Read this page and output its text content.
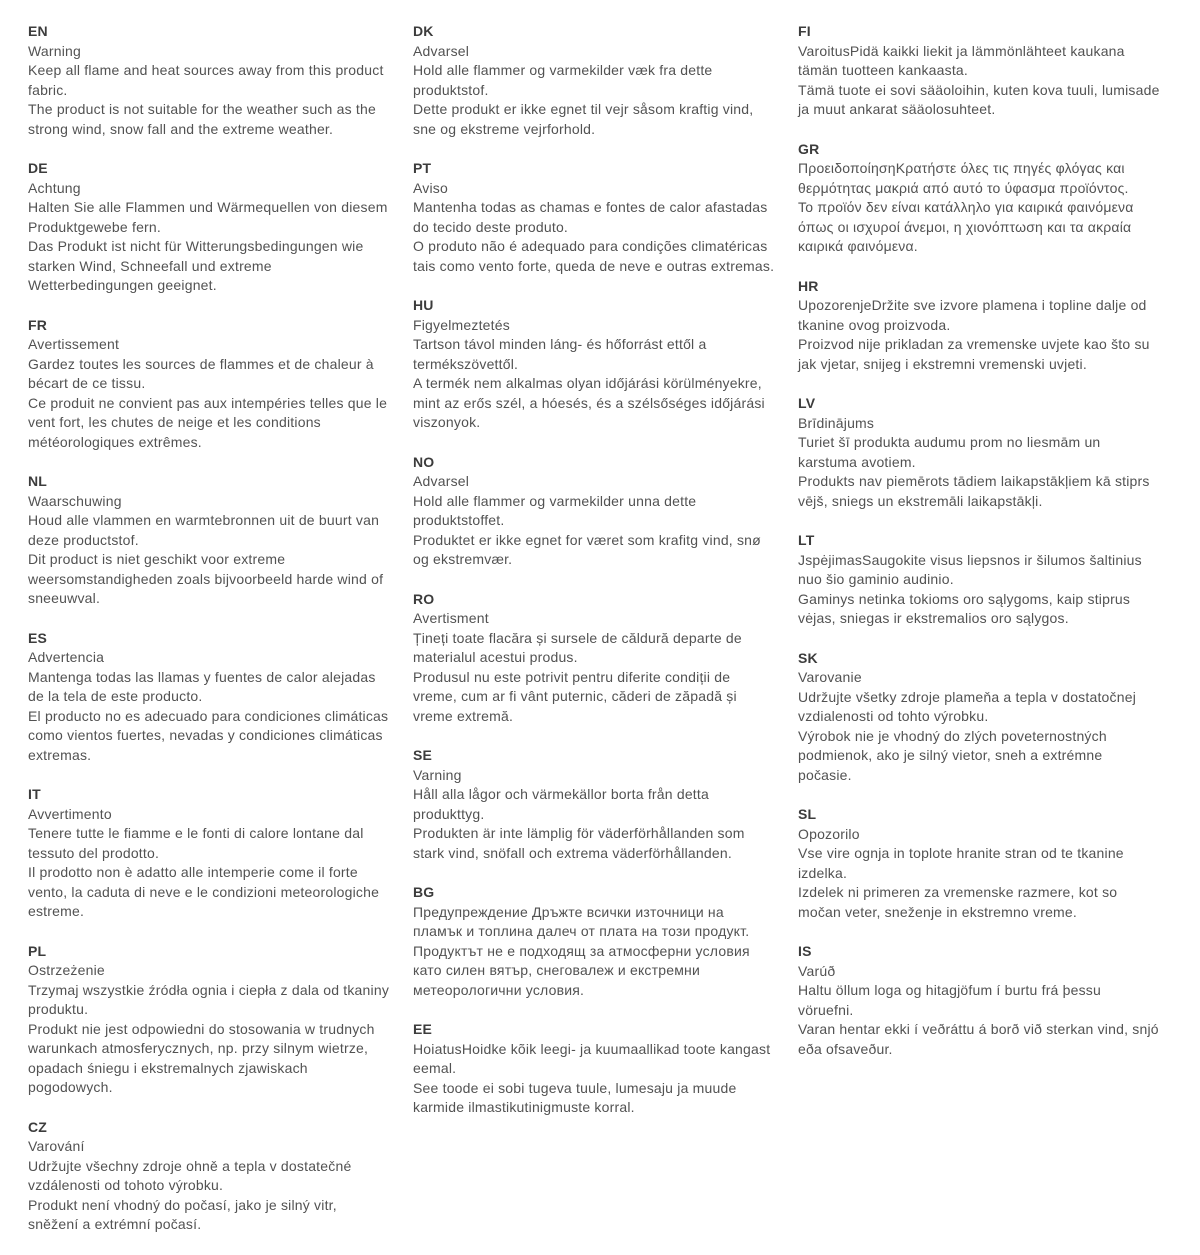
EN
Warning

Keep all flame and heat sources away from this product fabric.

The product is not suitable for the weather such as the strong wind, snow fall and the extreme weather.

DE
Achtung

Halten Sie alle Flammen und Wärmequellen von diesem Produktgewebe fern.

Das Produkt ist nicht für Witterungsbedingungen wie starken Wind, Schneefall und extreme Wetterbedingungen geeignet.

FR
Avertissement

Gardez toutes les sources de flammes et de chaleur à bécart de ce tissu.

Ce produit ne convient pas aux intempéries telles que le vent fort, les chutes de neige et les conditions météorologiques extrêmes.

NL
Waarschuwing

Houd alle vlammen en warmtebronnen uit de buurt van deze productstof.

Dit product is niet geschikt voor extreme weersomstandigheden zoals bijvoorbeeld harde wind of sneeuwval.

ES
Advertencia

Mantenga todas las llamas y fuentes de calor alejadas de la tela de este producto.

El producto no es adecuado para condiciones climáticas como vientos fuertes, nevadas y condiciones climáticas extremas.

IT
Avvertimento

Tenere tutte le fiamme e le fonti di calore lontane dal tessuto del prodotto.

Il prodotto non è adatto alle intemperie come il forte vento, la caduta di neve e le condizioni meteorologiche estreme.

PL
Ostrzeżenie

Trzymaj wszystkie źródła ognia i ciepła z dala od tkaniny produktu.

Produkt nie jest odpowiedni do stosowania w trudnych warunkach atmosferycznych, np. przy silnym wietrze, opadach śniegu i ekstremalnych zjawiskach pogodowych.

CZ
Varování

Udržujte všechny zdroje ohně a tepla v dostatečné vzdálenosti od tohoto výrobku.

Produkt není vhodný do počasí, jako je silný vitr, sněžení a extrémní počasí.

DK
Advarsel

Hold alle flammer og varmekilder væk fra dette produktstof.

Dette produkt er ikke egnet til vejr såsom kraftig vind, sne og ekstreme vejrforhold.

PT
Aviso

Mantenha todas as chamas e fontes de calor afastadas do tecido deste produto.

O produto não é adequado para condições climatéricas tais como vento forte, queda de neve e outras extremas.

HU
Figyelmeztetés

Tartson távol minden láng- és hőforrást ettől a termékszövettől.

A termék nem alkalmas olyan időjárási körülményekre, mint az erős szél, a hóesés, és a szélsőséges időjárási viszonyok.

NO
Advarsel

Hold alle flammer og varmekilder unna dette produktstoffet.

Produktet er ikke egnet for været som krafitg vind, snø og ekstremvær.

RO
Avertisment

Țineți toate flacăra și sursele de căldură departe de materialul acestui produs.

Produsul nu este potrivit pentru diferite condiții de vreme, cum ar fi vânt puternic, căderi de zăpadă și vreme extremă.

SE
Varning

Håll alla lågor och värmekällor borta från detta produkttyg.

Produkten är inte lämplig för väderförhållanden som stark vind, snöfall och extrema väderförhållanden.

BG

Предупреждение Дръжте всички източници на пламък и топлина далеч от плата на този продукт.

Продуктът не е подходящ за атмосферни условия като силен вятър, снеговалеж и екстремни метеорологични условия.

EE

HoiatusHoidke kõik leegi- ja kuumaallikad toote kangast eemal.

See toode ei sobi tugeva tuule, lumesaju ja muude karmide ilmastikutinigmuste korral.

FI

VaroitusPidä kaikki liekit ja lämmönlähteet kaukana tämän tuotteen kankaasta.

Tämä tuote ei sovi sääoloihin, kuten kova tuuli, lumisade ja muut ankarat sääolosuhteet.

GR

ΠροειδοποίησηΚρατήστε όλες τις πηγές φλόγας και θερμότητας μακριά από αυτό το ύφασμα προϊόντος.

Το προϊόν δεν είναι κατάλληλο για καιρικά φαινόμενα όπως οι ισχυροί άνεμοι, η χιονόπτωση και τα ακραία καιρικά φαινόμενα.

HR

UpozorenjeDržite sve izvore plamena i topline dalje od tkanine ovog proizvoda.

Proizvod nije prikladan za vremenske uvjete kao što su jak vjetar, snijeg i ekstremni vremenski uvjeti.

LV
Brīdinājums

Turiet šī produkta audumu prom no liesmām un karstuma avotiem.

Produkts nav piemērots tādiem laikapstākļiem kā stiprs vējš, sniegs un ekstremāli laikapstākļi.

LT

JspėjimasSaugokite visus liepsnos ir šilumos šaltinius nuo šio gaminio audinio.

Gaminys netinka tokioms oro sąlygoms, kaip stiprus vėjas, sniegas ir ekstremalios oro sąlygos.

SK
Varovanie

Udržujte všetky zdroje plameňa a tepla v dostatočnej vzdialenosti od tohto výrobku.

Výrobok nie je vhodný do zlých poveternostných podmienok, ako je silný vietor, sneh a extrémne počasie.

SL
Opozorilo

Vse vire ognja in toplote hranite stran od te tkanine izdelka.

Izdelek ni primeren za vremenske razmere, kot so močan veter, sneženje in ekstremno vreme.

IS
Varúð

Haltu öllum loga og hitagjöfum í burtu frá þessu vöruefni.

Varan hentar ekki í veðráttu á borð við sterkan vind, snjó eða ofsaveður.
